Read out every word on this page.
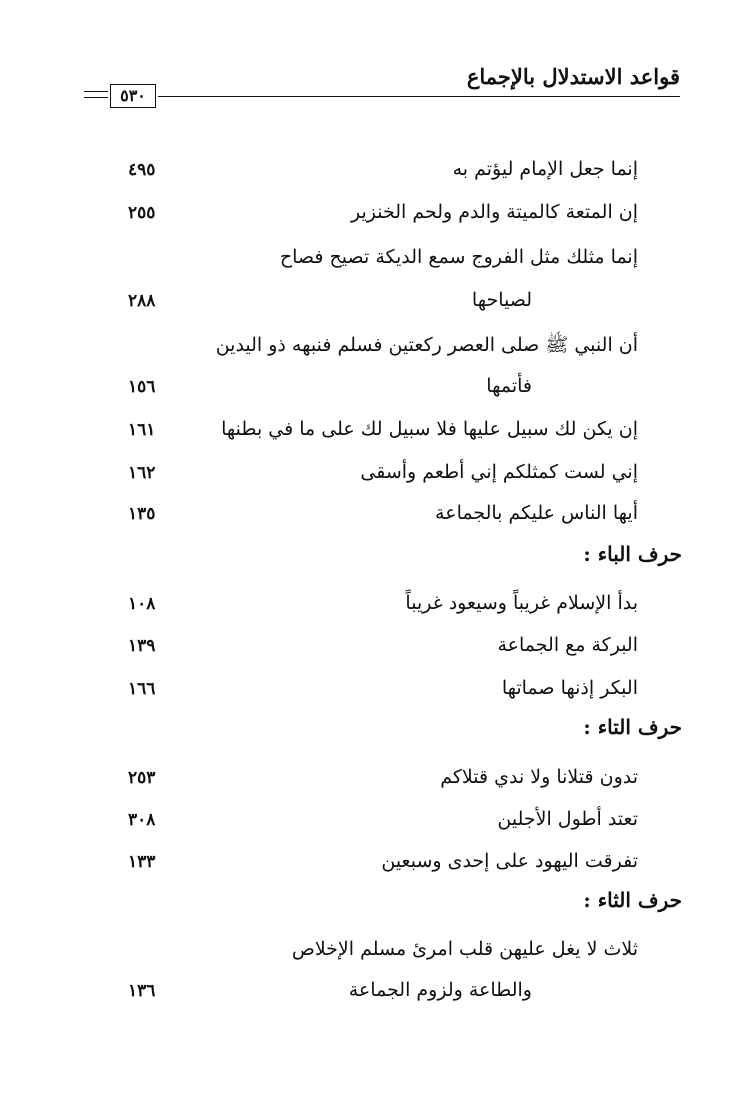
قواعد الاستدلال بالإجماع
٥٣٠
إنما جعل الإمام ليؤتم به
٤٩٥
إن المتعة كالميتة والدم ولحم الخنزير
٢٥٥
إنما مثلك مثل الفروج سمع الديكة تصيح فصاح
لصياحها
٢٨٨
أن النبي ﷺ صلى العصر ركعتين فسلم فنبهه ذو اليدين
فأتمها
١٥٦
إن يكن لك سبيل عليها فلا سبيل لك على ما في بطنها
١٦١
إني لست كمثلكم إني أطعم وأسقى
١٦٢
أيها الناس عليكم بالجماعة
١٣٥
حرف الباء :
بدأ الإسلام غريباً وسيعود غريباً
١٠٨
البركة مع الجماعة
١٣٩
البكر إذنها صماتها
١٦٦
حرف التاء :
تدون قتلانا ولا ندي قتلاكم
٢٥٣
تعتد أطول الأجلين
٣٠٨
تفرقت اليهود على إحدى وسبعين
١٣٣
حرف الثاء :
ثلاث لا يغل عليهن قلب امرئ مسلم الإخلاص
والطاعة ولزوم الجماعة
١٣٦
